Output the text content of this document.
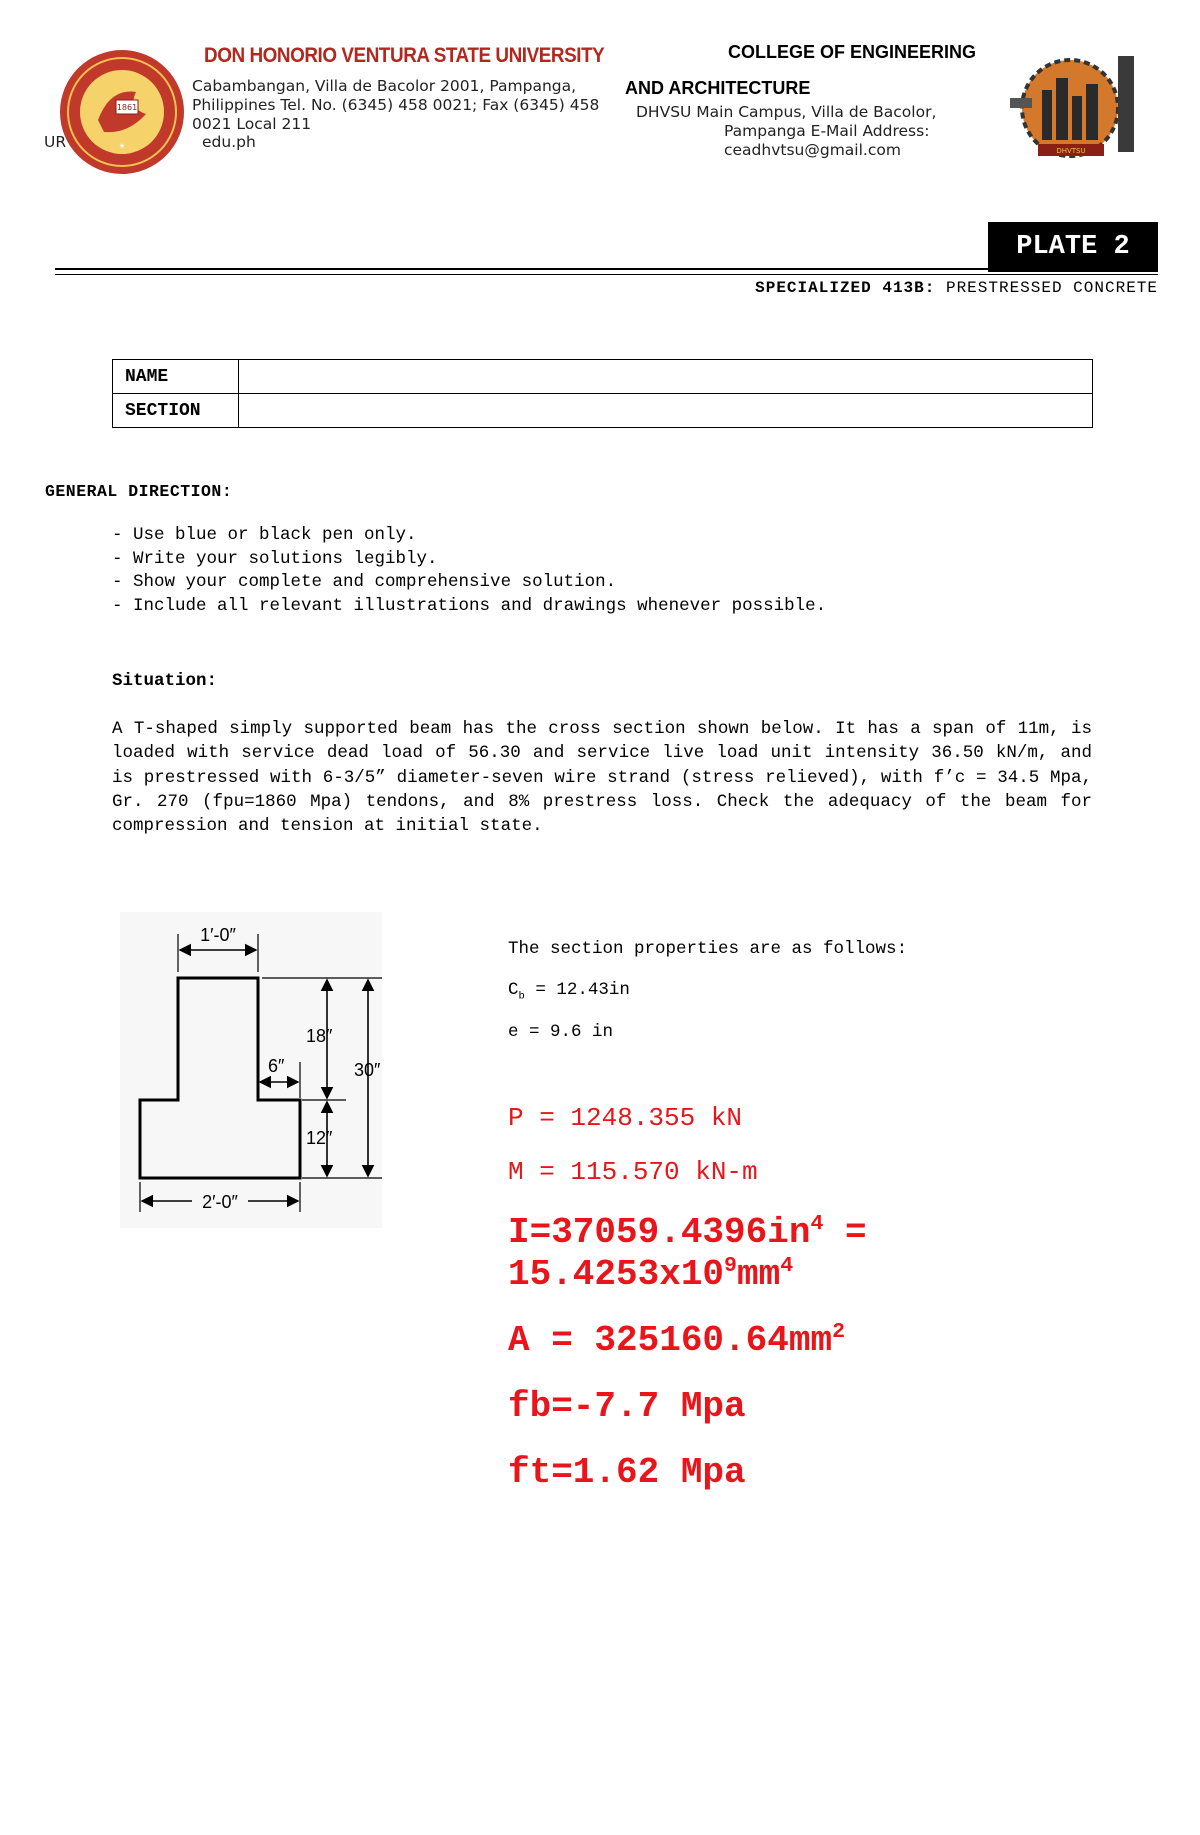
1861
★
DON HONORIO VENTURA STATE UNIVERSITY
Cabambangan, Villa de Bacolor 2001, Pampanga, Philippines Tel. No. (6345) 458 0021; Fax (6345) 458 0021 Local 211
UR	edu.ph
COLLEGE OF ENGINEERING
AND ARCHITECTURE
DHVSU Main Campus, Villa de Bacolor,
Pampanga E-Mail Address:
ceadhvtsu@gmail.com	DHVTSU
PLATE 2
SPECIALIZED 413B: PRESTRESSED CONCRETE
NAME	
SECTION	
GENERAL DIRECTION:
- Use blue or black pen only.
- Write your solutions legibly.
- Show your complete and comprehensive solution.
- Include all relevant illustrations and drawings whenever possible.
Situation:
A T-shaped simply supported beam has the cross section shown below. It has a span of 11m, is loaded with service dead load of 56.30 and service live load unit intensity 36.50 kN/m, and is prestressed with 6-3/5” diameter-seven wire strand (stress relieved), with f’c = 34.5 Mpa, Gr. 270 (fpu=1860 Mpa) tendons, and 8% prestress loss. Check the adequacy of the beam for compression and tension at initial state.
1′-0″
18″
30″
12″
6″
2′-0″
The section properties are as follows:
$C_b = 12.43in$
e = 9.6 in
P = 1248.355 kN
M = 115.570 kN-m
$I=37059.4396in^4$ =
$15.4253x10^9mm^4$
$A = 325160.64mm^2$
fb=-7.7 Mpa
ft=1.62 Mpa
